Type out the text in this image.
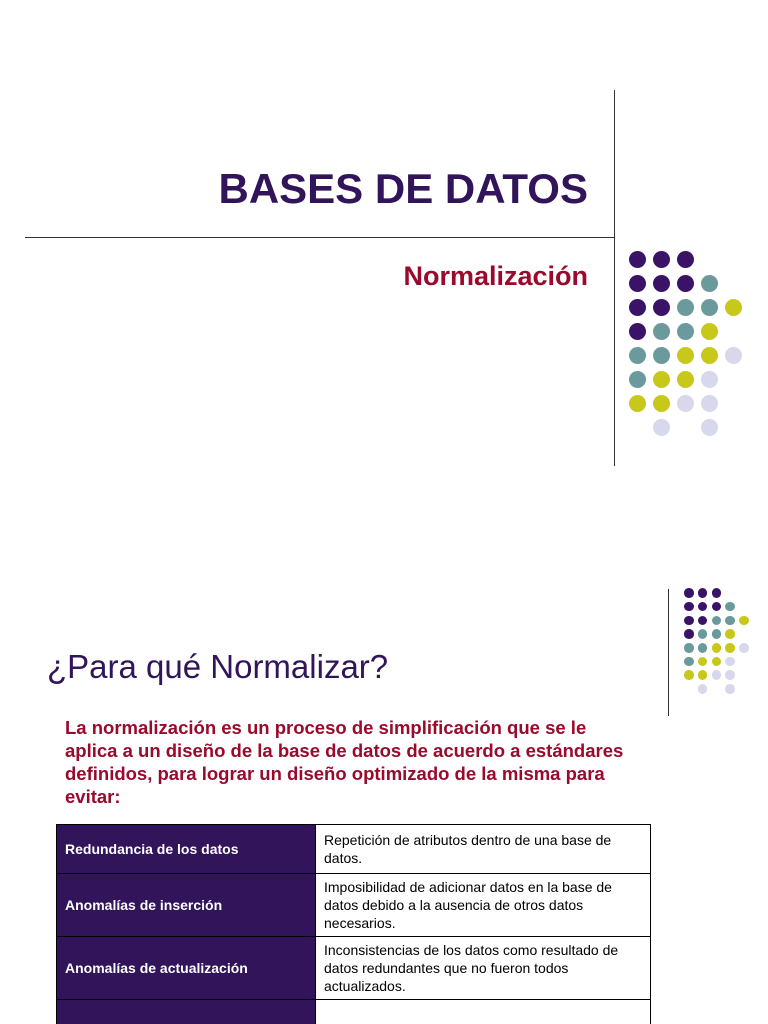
BASES DE DATOS
Normalización
¿Para qué Normalizar?

La normalización es un proceso de simplificación que se le aplica a un diseño de la base de datos de acuerdo a estándares definidos, para lograr un diseño optimizado de la misma para evitar:

Redundancia de los datos	Repetición de atributos dentro de una base de datos.
Anomalías de inserción	Imposibilidad de adicionar datos en la base de datos debido a la ausencia de otros datos necesarios.
Anomalías de actualización	Inconsistencias de los datos como resultado de datos redundantes que no fueron todos actualizados.
